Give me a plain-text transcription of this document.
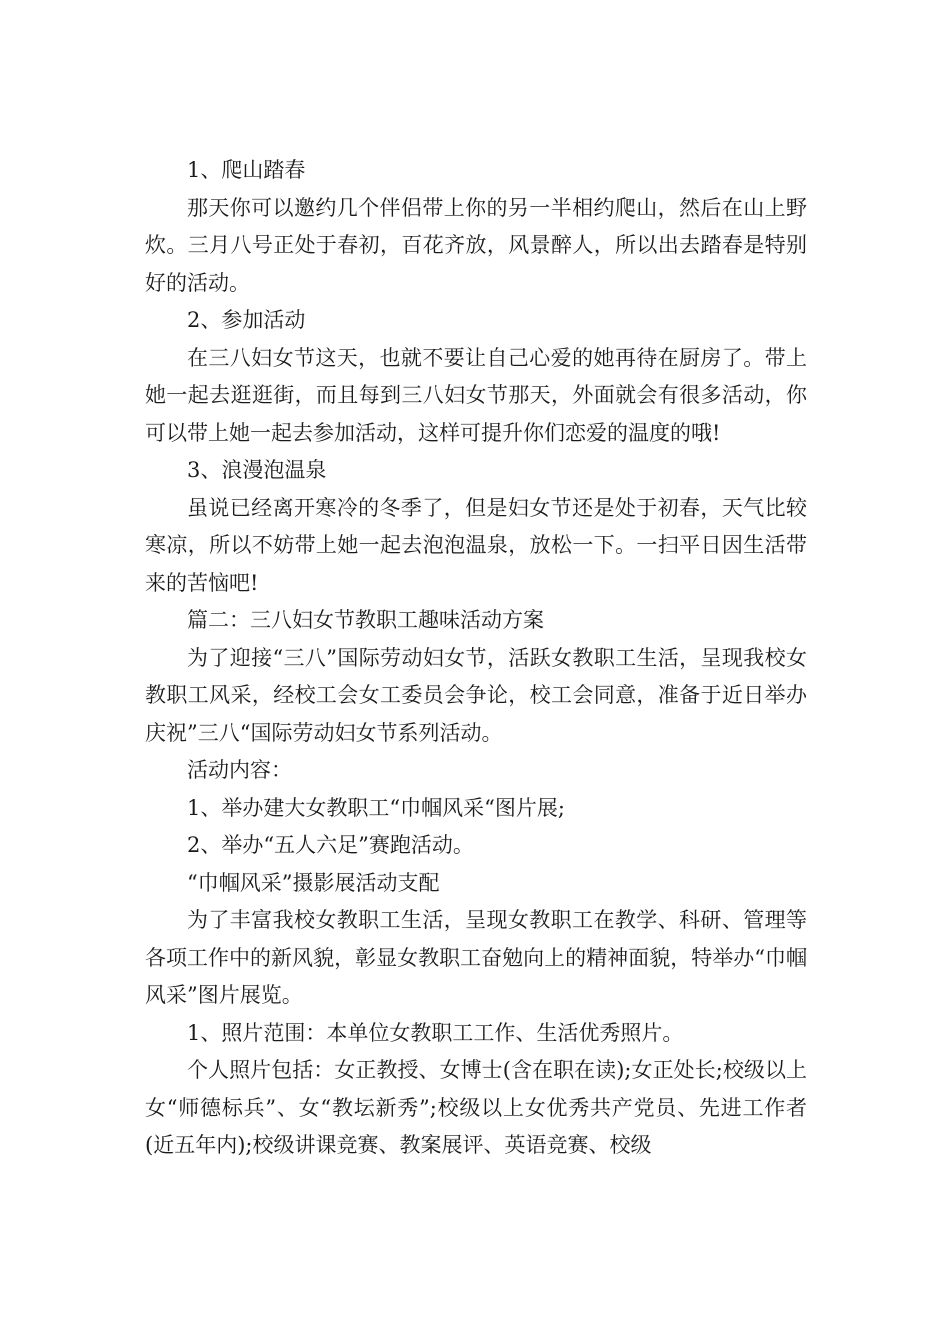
1、爬山踏春

那天你可以邀约几个伴侣带上你的另一半相约爬山，然后在山上野炊。三月八号正处于春初，百花齐放，风景醉人，所以出去踏春是特别好的活动。

2、参加活动

在三八妇女节这天，也就不要让自己心爱的她再待在厨房了。带上她一起去逛逛街，而且每到三八妇女节那天，外面就会有很多活动，你可以带上她一起去参加活动，这样可提升你们恋爱的温度的哦!

3、浪漫泡温泉

虽说已经离开寒冷的冬季了，但是妇女节还是处于初春，天气比较寒凉，所以不妨带上她一起去泡泡温泉，放松一下。一扫平日因生活带来的苦恼吧!

篇二：三八妇女节教职工趣味活动方案

为了迎接“三八”国际劳动妇女节，活跃女教职工生活，呈现我校女教职工风采，经校工会女工委员会争论，校工会同意，准备于近日举办庆祝”三八“国际劳动妇女节系列活动。

活动内容：

1、举办建大女教职工“巾帼风采“图片展;

2、举办“五人六足”赛跑活动。

“巾帼风采”摄影展活动支配

为了丰富我校女教职工生活，呈现女教职工在教学、科研、管理等各项工作中的新风貌，彰显女教职工奋勉向上的精神面貌，特举办“巾帼风采”图片展览。

1、照片范围：本单位女教职工工作、生活优秀照片。

个人照片包括：女正教授、女博士(含在职在读);女正处长;校级以上女“师德标兵”、女“教坛新秀”;校级以上女优秀共产党员、先进工作者(近五年内);校级讲课竞赛、教案展评、英语竞赛、校级
